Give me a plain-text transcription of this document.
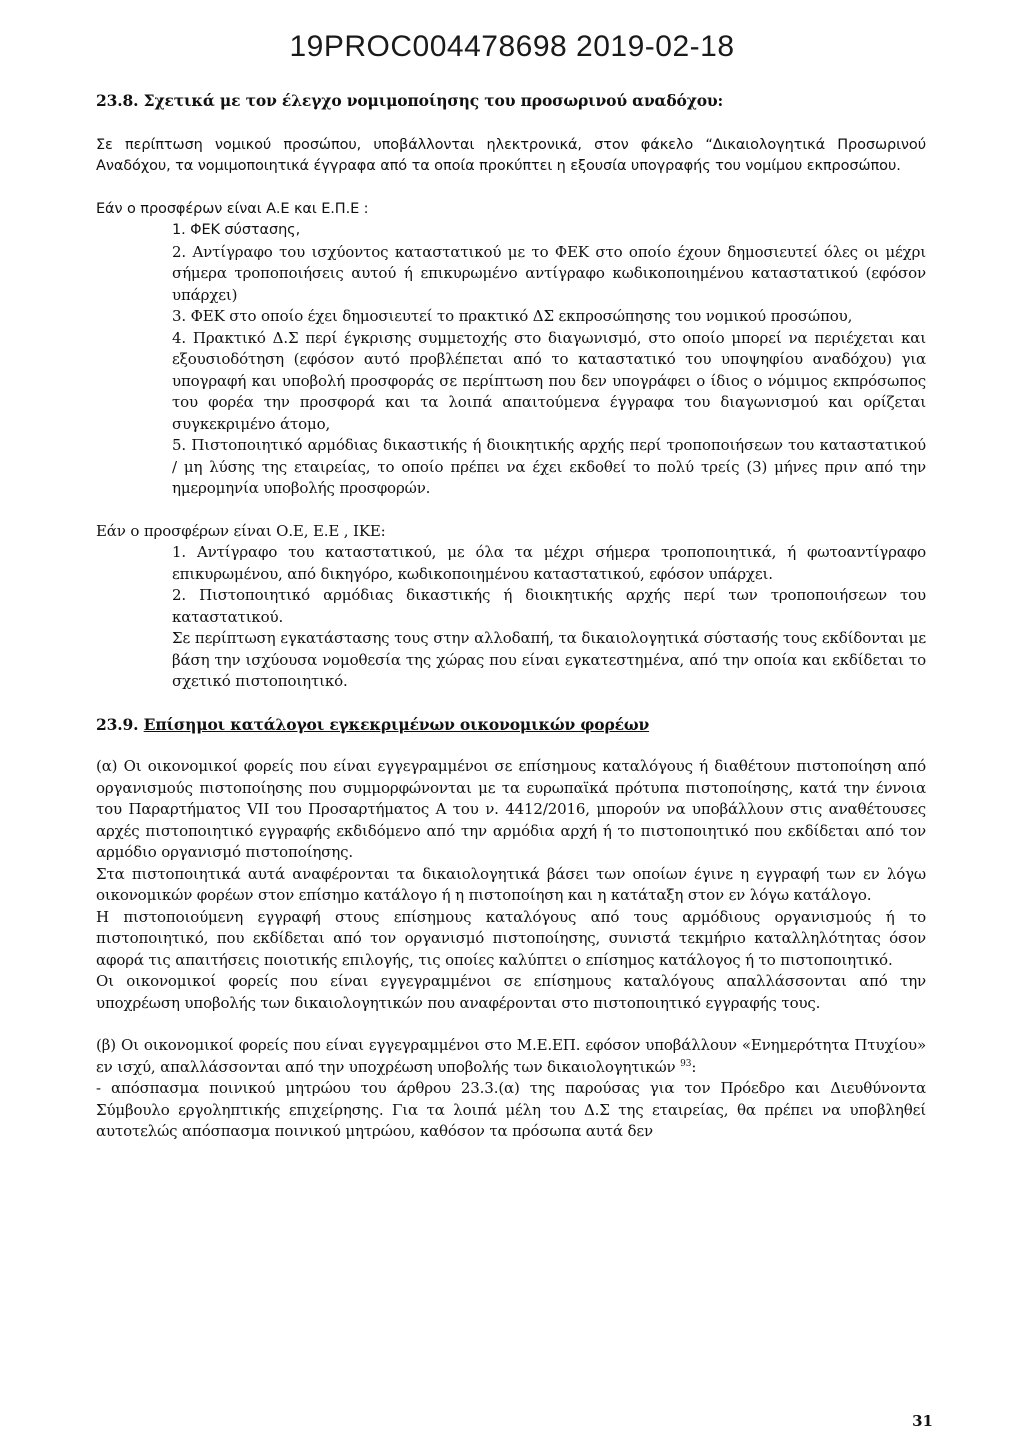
19PROC004478698 2019-02-18
23.8. Σχετικά με τον έλεγχο νομιμοποίησης του προσωρινού αναδόχου:

Σε περίπτωση νομικού προσώπου, υποβάλλονται ηλεκτρονικά, στον φάκελο “Δικαιολογητικά Προσωρινού Αναδόχου, τα νομιμοποιητικά έγγραφα από τα οποία προκύπτει η εξουσία υπογραφής του νομίμου εκπροσώπου.

Εάν ο προσφέρων είναι Α.Ε και Ε.Π.Ε :

1. ΦΕΚ σύστασης,

2. Αντίγραφο του ισχύοντος καταστατικού με το ΦΕΚ στο οποίο έχουν δημοσιευτεί όλες οι μέχρι σήμερα τροποποιήσεις αυτού ή επικυρωμένο αντίγραφο κωδικοποιημένου καταστατικού (εφόσον υπάρχει)

3. ΦΕΚ στο οποίο έχει δημοσιευτεί το πρακτικό ΔΣ εκπροσώπησης του νομικού προσώπου,

4. Πρακτικό Δ.Σ περί έγκρισης συμμετοχής στο διαγωνισμό, στο οποίο μπορεί να περιέχεται και εξουσιοδότηση (εφόσον αυτό προβλέπεται από το καταστατικό του υποψηφίου αναδόχου) για υπογραφή και υποβολή προσφοράς σε περίπτωση που δεν υπογράφει ο ίδιος ο νόμιμος εκπρόσωπος του φορέα την προσφορά και τα λοιπά απαιτούμενα έγγραφα του διαγωνισμού και ορίζεται συγκεκριμένο άτομο,

5. Πιστοποιητικό αρμόδιας δικαστικής ή διοικητικής αρχής περί τροποποιήσεων του καταστατικού / μη λύσης της εταιρείας, το οποίο πρέπει να έχει εκδοθεί το πολύ τρείς (3) μήνες πριν από την ημερομηνία υποβολής προσφορών.

Εάν ο προσφέρων είναι Ο.Ε, Ε.Ε , ΙΚΕ:

1. Αντίγραφο του καταστατικού, με όλα τα μέχρι σήμερα τροποποιητικά, ή φωτοαντίγραφο επικυρωμένου, από δικηγόρο, κωδικοποιημένου καταστατικού, εφόσον υπάρχει.

2. Πιστοποιητικό αρμόδιας δικαστικής ή διοικητικής αρχής περί των τροποποιήσεων του καταστατικού.

Σε περίπτωση εγκατάστασης τους στην αλλοδαπή, τα δικαιολογητικά σύστασής τους εκδίδονται με βάση την ισχύουσα νομοθεσία της χώρας που είναι εγκατεστημένα, από την οποία και εκδίδεται το σχετικό πιστοποιητικό.

23.9. Επίσημοι κατάλογοι εγκεκριμένων οικονομικών φορέων

(α) Οι οικονομικοί φορείς που είναι εγγεγραμμένοι σε επίσημους καταλόγους ή διαθέτουν πιστοποίηση από οργανισμούς πιστοποίησης που συμμορφώνονται με τα ευρωπαϊκά πρότυπα πιστοποίησης, κατά την έννοια του Παραρτήματος VII του Προσαρτήματος Α του ν. 4412/2016, μπορούν να υποβάλλουν στις αναθέτουσες αρχές πιστοποιητικό εγγραφής εκδιδόμενο από την αρμόδια αρχή ή το πιστοποιητικό που εκδίδεται από τον αρμόδιο οργανισμό πιστοποίησης.

Στα πιστοποιητικά αυτά αναφέρονται τα δικαιολογητικά βάσει των οποίων έγινε η εγγραφή των εν λόγω οικονομικών φορέων στον επίσημο κατάλογο ή η πιστοποίηση και η κατάταξη στον εν λόγω κατάλογο.

Η πιστοποιούμενη εγγραφή στους επίσημους καταλόγους από τους αρμόδιους οργανισμούς ή το πιστοποιητικό, που εκδίδεται από τον οργανισμό πιστοποίησης, συνιστά τεκμήριο καταλληλότητας όσον αφορά τις απαιτήσεις ποιοτικής επιλογής, τις οποίες καλύπτει ο επίσημος κατάλογος ή το πιστοποιητικό.

Οι οικονομικοί φορείς που είναι εγγεγραμμένοι σε επίσημους καταλόγους απαλλάσσονται από την υποχρέωση υποβολής των δικαιολογητικών που αναφέρονται στο πιστοποιητικό εγγραφής τους.

(β) Οι οικονομικοί φορείς που είναι εγγεγραμμένοι στο Μ.Ε.ΕΠ. εφόσον υποβάλλουν «Ενημερότητα Πτυχίου» εν ισχύ, απαλλάσσονται από την υποχρέωση υποβολής των δικαιολογητικών $^{93}$:

- απόσπασμα ποινικού μητρώου του άρθρου 23.3.(α) της παρούσας για τον Πρόεδρο και Διευθύνοντα Σύμβουλο εργοληπτικής επιχείρησης. Για τα λοιπά μέλη του Δ.Σ της εταιρείας, θα πρέπει να υποβληθεί αυτοτελώς απόσπασμα ποινικού μητρώου, καθόσον τα πρόσωπα αυτά δεν

31
